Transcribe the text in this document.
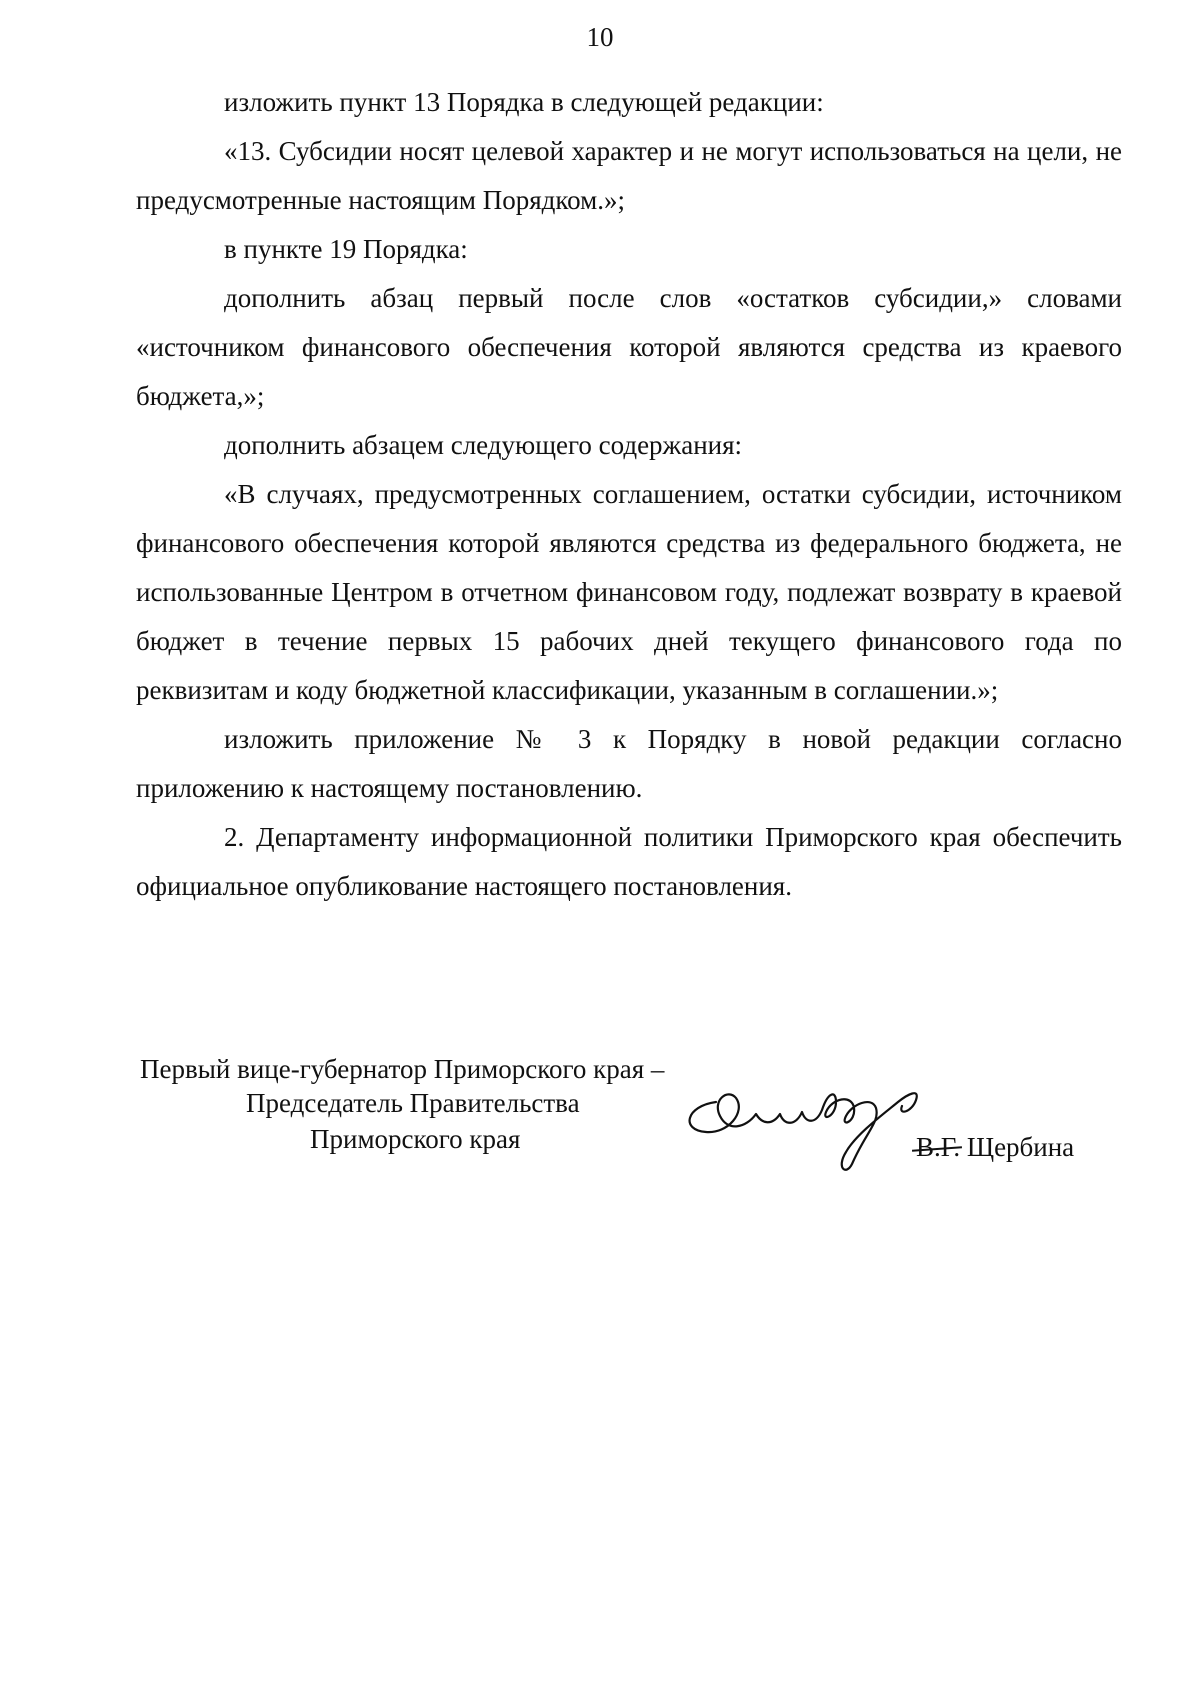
10

изложить пункт 13 Порядка в следующей редакции:

«13. Субсидии носят целевой характер и не могут использоваться на цели, не предусмотренные настоящим Порядком.»;

в пункте 19 Порядка:

дополнить абзац первый после слов «остатков субсидии,» словами «источником финансового обеспечения которой являются средства из краевого бюджета,»;

дополнить абзацем следующего содержания:

«В случаях, предусмотренных соглашением, остатки субсидии, источником финансового обеспечения которой являются средства из федерального бюджета, не использованные Центром в отчетном финансовом году, подлежат возврату в краевой бюджет в течение первых 15 рабочих дней текущего финансового года по реквизитам и коду бюджетной классификации, указанным в соглашении.»;

изложить приложение № 3 к Порядку в новой редакции согласно приложению к настоящему постановлению.

2. Департаменту информационной политики Приморского края обеспечить официальное опубликование настоящего постановления.

Первый вице-губернатор Приморского края –
Председатель Правительства
Приморского края	В.Г. Щербина
